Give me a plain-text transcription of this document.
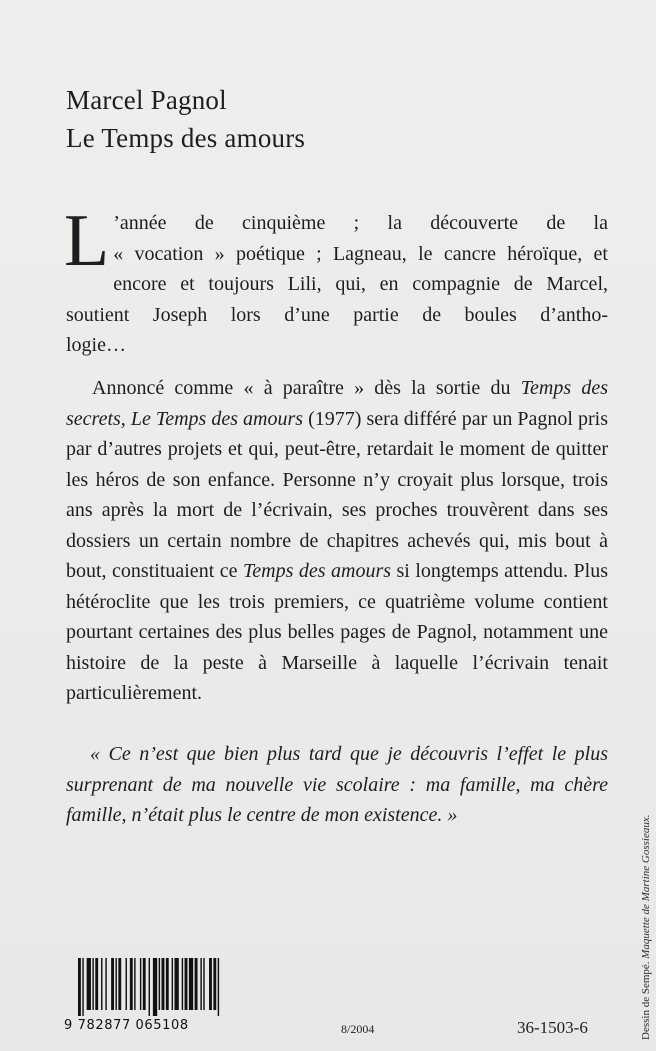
Marcel Pagnol
Le Temps des amours
L ’année de cinquième ; la découverte de la
« vocation » poétique ; Lagneau, le cancre héroïque, et
encore et toujours Lili, qui, en compagnie de Marcel,
soutient Joseph lors d’une partie de boules d’antho-
logie…
Annoncé comme « à paraître » dès la sortie du Temps des secrets, Le Temps des amours (1977) sera différé par un Pagnol pris par d’autres projets et qui, peut-être, retardait le moment de quitter les héros de son enfance. Personne n’y croyait plus lorsque, trois ans après la mort de l’écrivain, ses proches trouvèrent dans ses dossiers un certain nombre de chapitres achevés qui, mis bout à bout, constituaient ce Temps des amours si longtemps attendu. Plus hétéroclite que les trois premiers, ce quatrième volume contient pourtant certaines des plus belles pages de Pagnol, notamment une histoire de la peste à Marseille à laquelle l’écrivain tenait particulièrement.
« Ce n’est que bien plus tard que je découvris l’effet le plus surprenant de ma nouvelle vie scolaire : ma famille, ma chère famille, n’était plus le centre de mon existence. »
Dessin de Sempé. Maquette de Martine Gossieaux.
9 782877 065108	8/2004	36-1503-6
